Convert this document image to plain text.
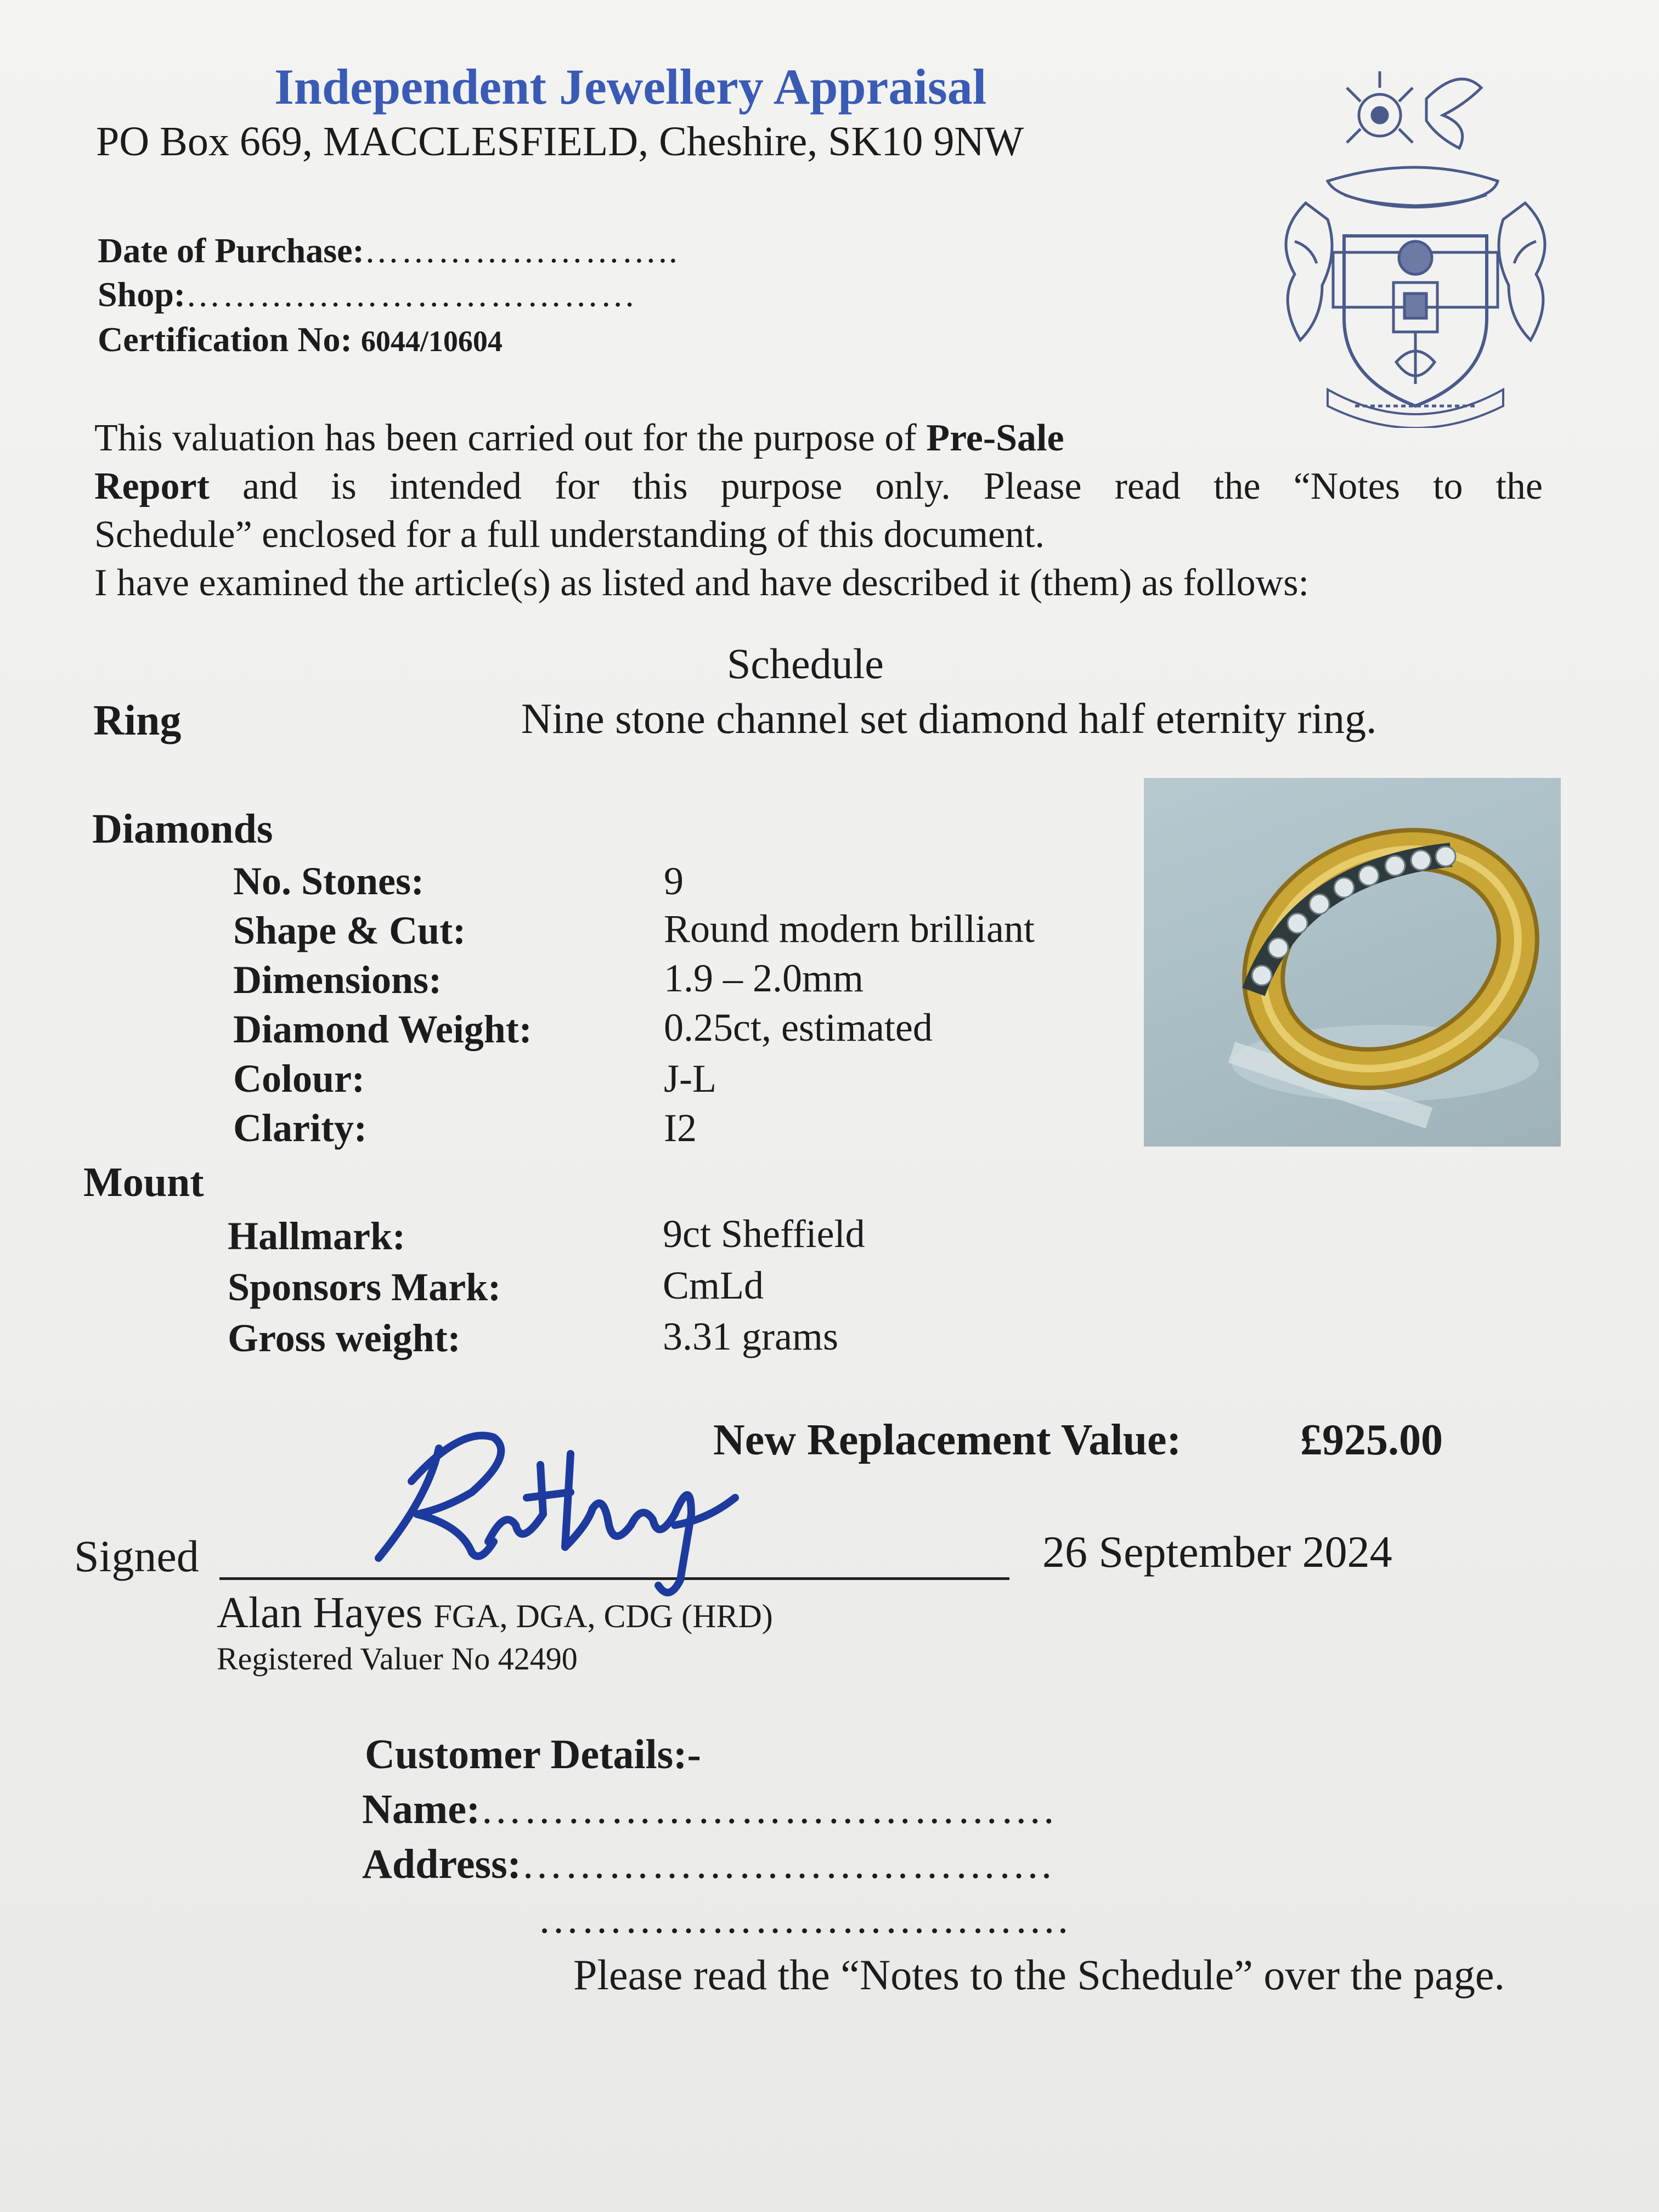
Independent Jewellery Appraisal
PO Box 669, MACCLESFIELD, Cheshire, SK10 9NW
Date of Purchase:……………………..
Shop:……….………………………
Certification No: 6044/10604

This valuation has been carried out for the purpose of Pre-Sale

Report and is intended for this purpose only. Please read the “Notes to the

Schedule” enclosed for a full understanding of this document.

I have examined the article(s) as listed and have described it (them) as follows:

Schedule
Ring	Nine stone channel set diamond half eternity ring.
Diamonds
No. Stones:	9
Shape & Cut:	Round modern brilliant
Dimensions:	1.9 – 2.0mm
Diamond Weight:	0.25ct, estimated
Colour:	J-L
Clarity:	I2
Mount
Hallmark:	9ct Sheffield
Sponsors Mark:	CmLd
Gross weight:	3.31 grams
New Replacement Value:	£925.00
Signed	26 September 2024
Alan Hayes FGA, DGA, CDG (HRD)
Registered Valuer No 42490
Customer Details:-
Name:………………………………….
Address:……………………………….
……………………………….
Please read the “Notes to the Schedule” over the page.
